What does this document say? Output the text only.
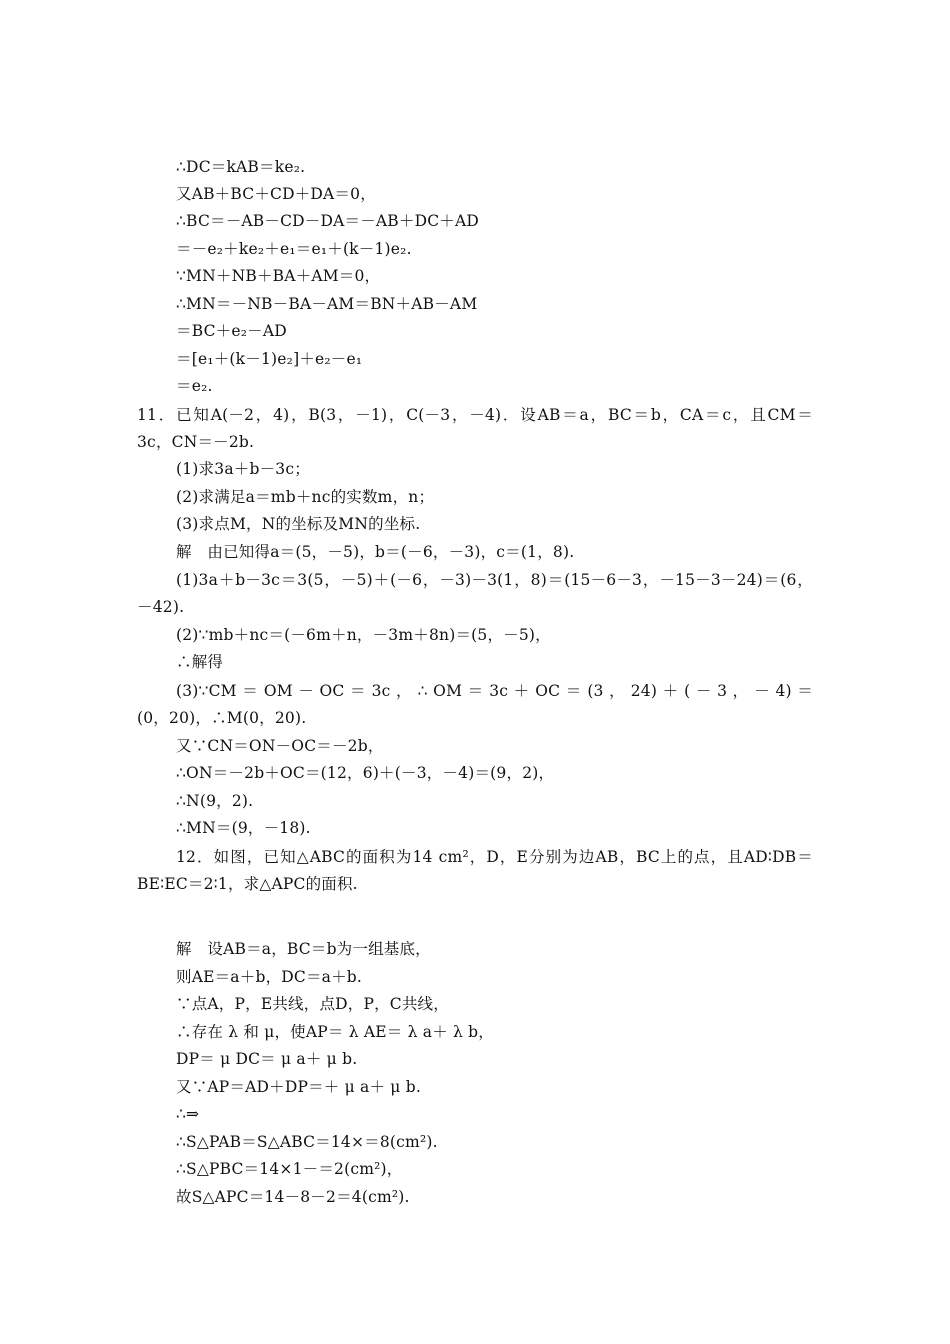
∴DC＝kAB＝ke₂.
又AB＋BC＋CD＋DA＝0，
∴BC＝－AB－CD－DA＝－AB＋DC＋AD
＝－e₂＋ke₂＋e₁＝e₁＋(k－1)e₂.
∵MN＋NB＋BA＋AM＝0，
∴MN＝－NB－BA－AM＝BN＋AB－AM
＝BC＋e₂－AD
＝[e₁＋(k－1)e₂]＋e₂－e₁
＝e₂.
11．已知A(－2，4)，B(3，－1)，C(－3，－4)．设AB＝a，BC＝b，CA＝c，且CM＝
3c，CN＝－2b.
(1)求3a＋b－3c；
(2)求满足a＝mb＋nc的实数m，n；
(3)求点M，N的坐标及MN的坐标.
解　由已知得a＝(5，－5)，b＝(－6，－3)，c＝(1，8).
(1)3a＋b－3c＝3(5，－5)＋(－6，－3)－3(1，8)＝(15－6－3，－15－3－24)＝(6，
－42).
(2)∵mb＋nc＝(－6m＋n，－3m＋8n)＝(5，－5)，
∴解得
(3)∵CM ＝ OM － OC ＝ 3c ， ∴ OM ＝ 3c ＋ OC ＝ (3 ， 24) ＋ ( － 3 ， － 4) ＝
(0，20)，∴M(0，20).
又∵CN＝ON－OC＝－2b，
∴ON＝－2b＋OC＝(12，6)＋(－3，－4)＝(9，2)，
∴N(9，2).
∴MN＝(9，－18).
12．如图，已知△ABC的面积为14 cm²，D，E分别为边AB，BC上的点，且AD∶DB＝
BE∶EC＝2∶1，求△APC的面积.
解　设AB＝a，BC＝b为一组基底，
则AE＝a＋b，DC＝a＋b.
∵点A，P，E共线，点D，P，C共线，
∴存在 λ 和 μ，使AP＝ λ AE＝ λ a＋ λ b，
DP＝ μ DC＝ μ a＋ μ b.
又∵AP＝AD＋DP＝＋ μ a＋ μ b.
∴⇒
∴S△PAB＝S△ABC＝14×＝8(cm²).
∴S△PBC＝14×1－＝2(cm²)，
故S△APC＝14－8－2＝4(cm²).
